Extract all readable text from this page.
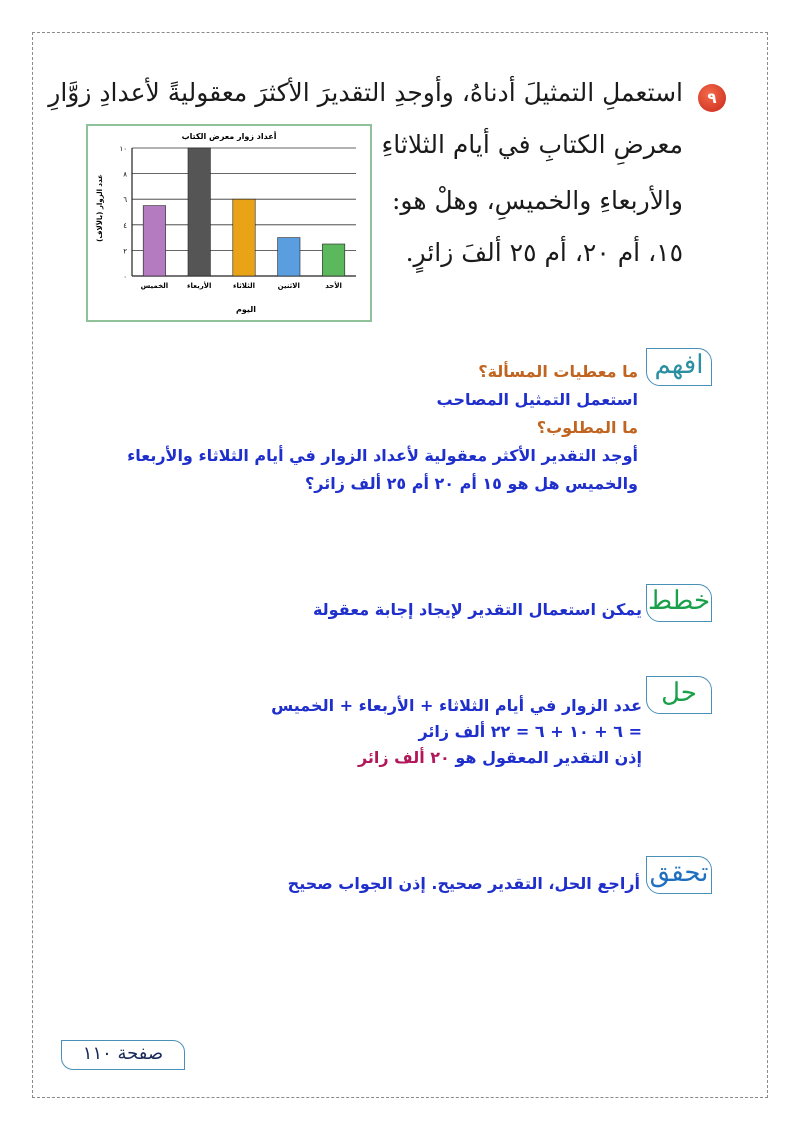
٩
استعملِ التمثيلَ أدناهُ، وأوجدِ التقديرَ الأكثرَ معقوليةً لأعدادِ زوَّارِ
معرضِ الكتابِ في أيام الثلاثاءِ
والأربعاءِ والخميسِ، وهلْ هو:
١٥، أم ٢٠، أم ٢٥ ألفَ زائرٍ.
أعداد زوار معرض الكتاب
عدد الزوار (بالآلاف)
اليوم
الأحد
الاثنين
الثلاثاء
الأربعاء
الخميس
٠
٢
٤
٦
٨
١٠
افهم
ما معطيات المسألة؟
استعمل التمثيل المصاحب
ما المطلوب؟
أوجد التقدير الأكثر معقولية لأعداد الزوار في أيام الثلاثاء والأربعاء
والخميس هل هو ١٥ أم ٢٠ أم ٢٥ ألف زائر؟
خطط
يمكن استعمال التقدير لإيجاد إجابة معقولة
حل
عدد الزوار في أيام الثلاثاء + الأربعاء + الخميس
= ٦ + ١٠ + ٦ = ٢٢ ألف زائر
إذن التقدير المعقول هو ٢٠ ألف زائر
تحقق
أراجع الحل، التقدير صحيح. إذن الجواب صحيح
صفحة ١١٠
